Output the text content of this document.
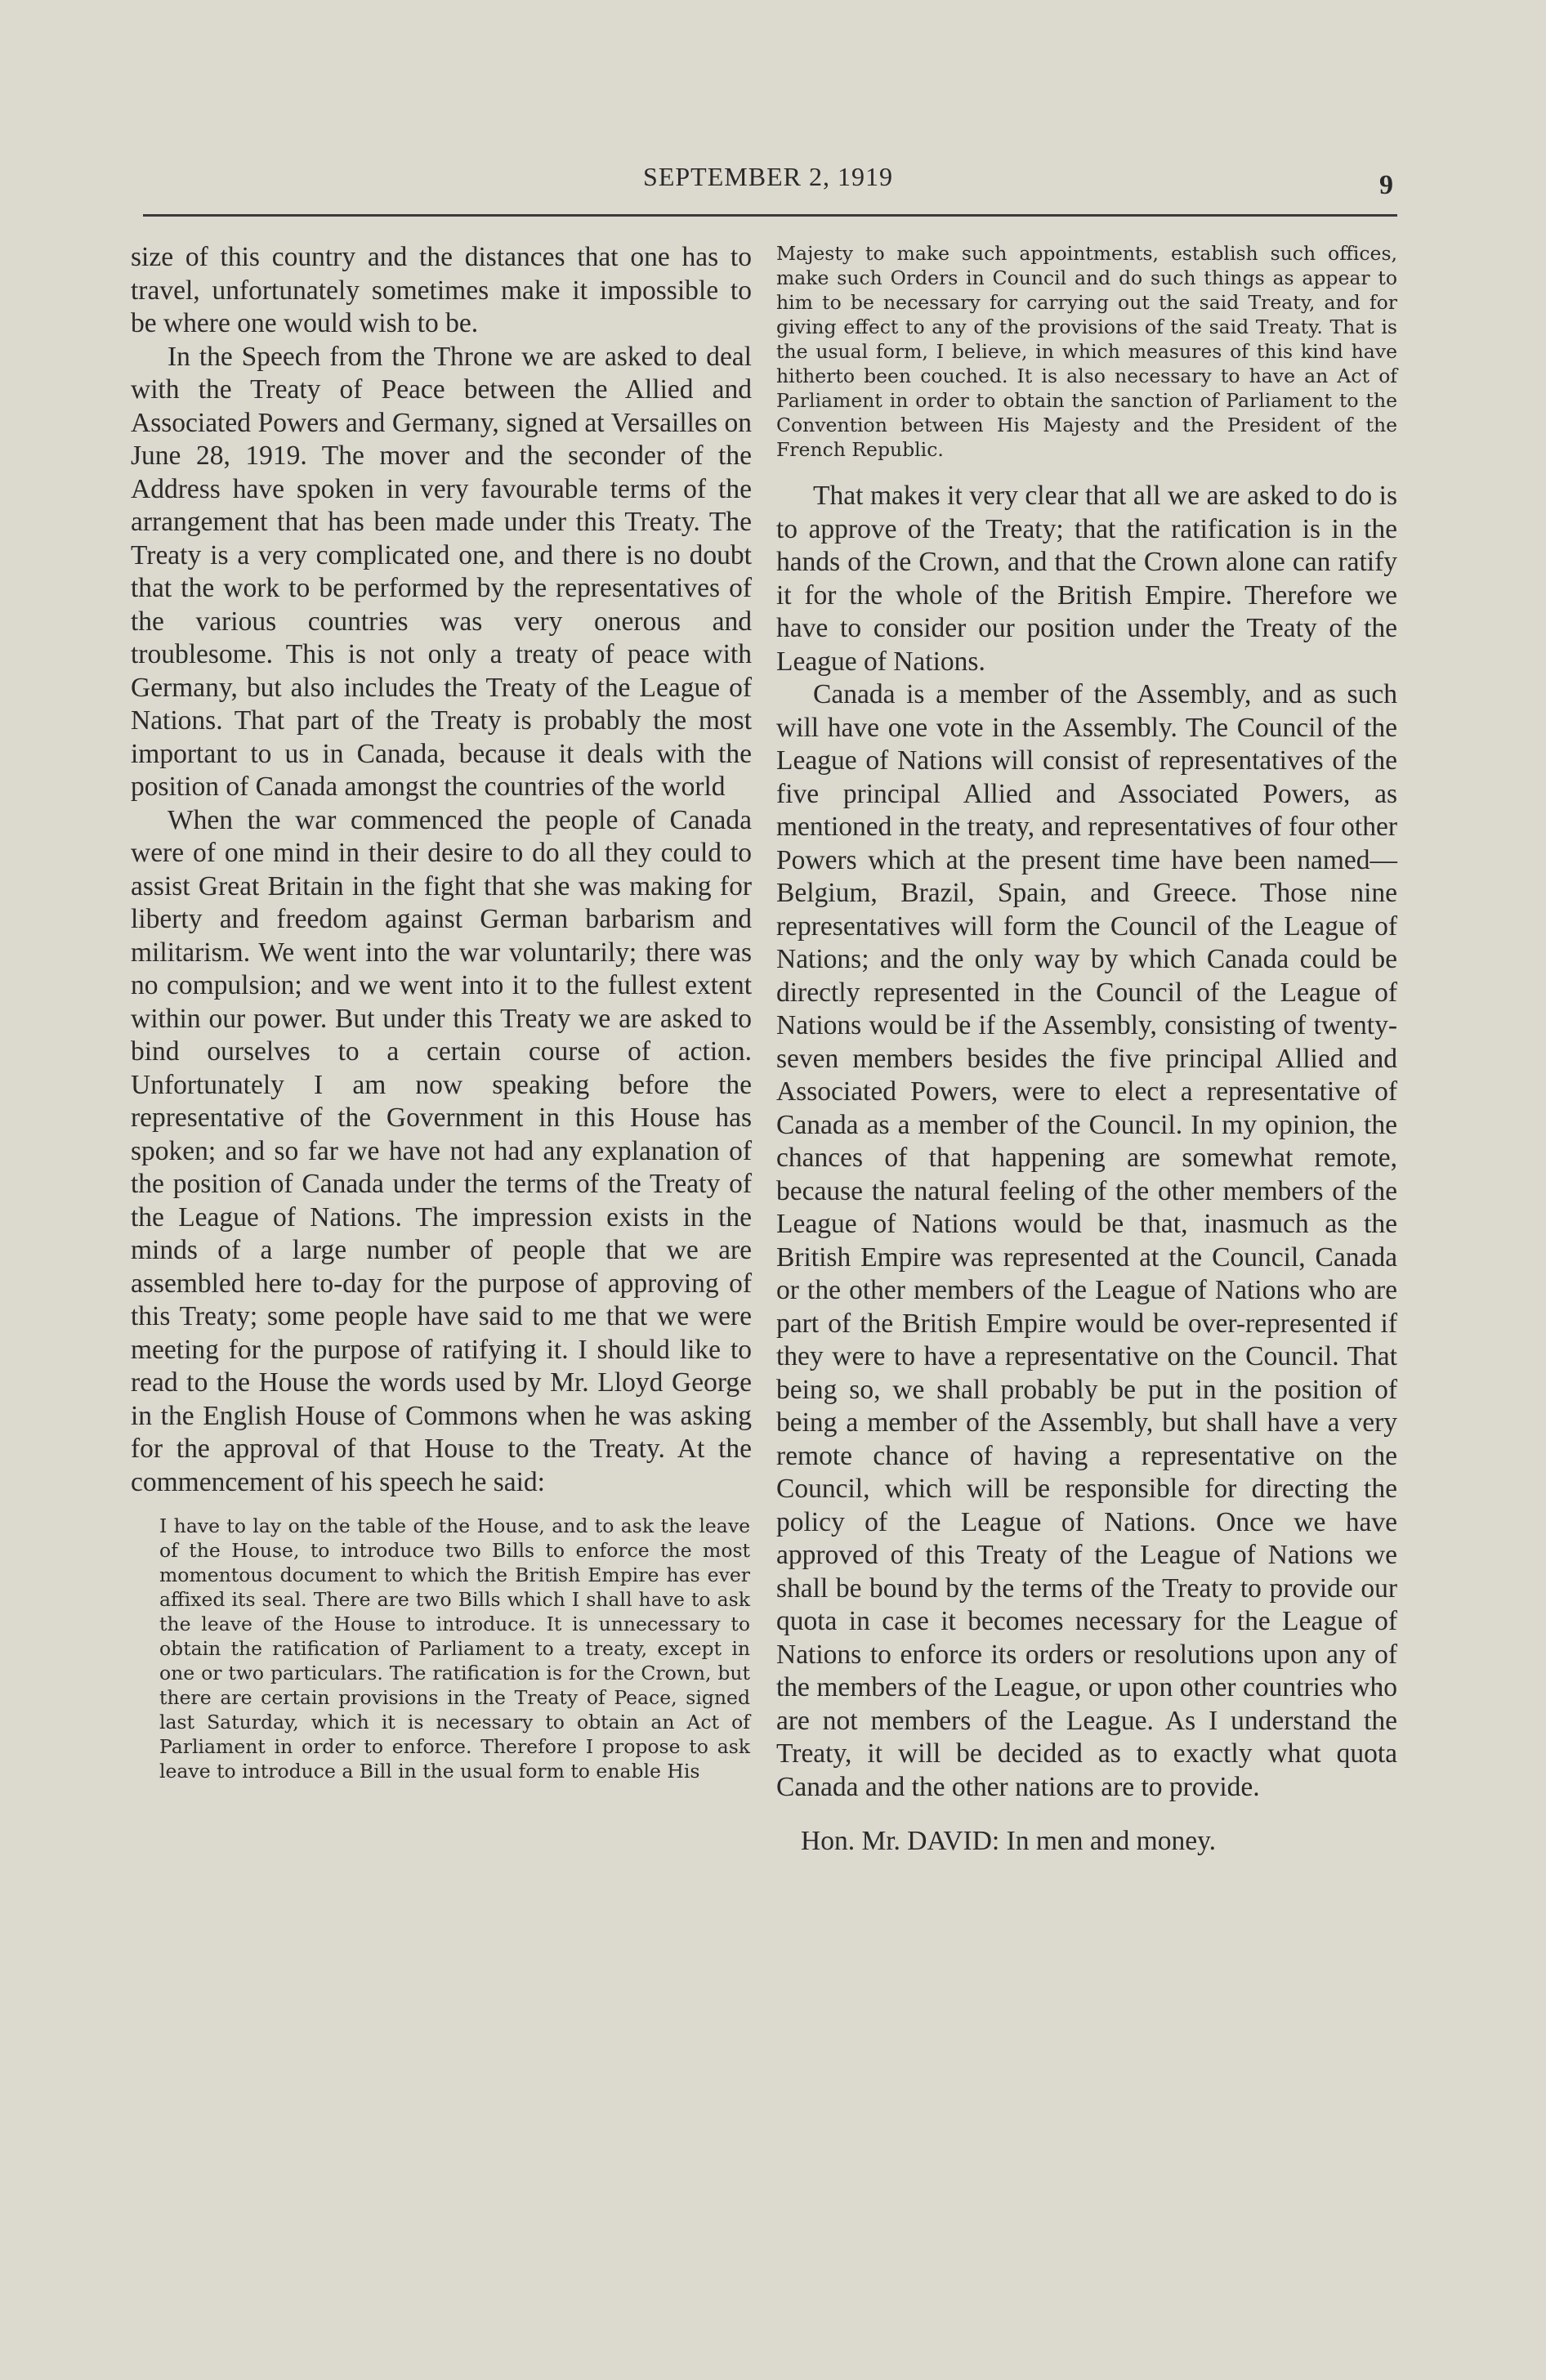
SEPTEMBER 2, 1919	9

size of this country and the distances that one has to travel, unfortunately sometimes make it impossible to be where one would wish to be.

In the Speech from the Throne we are asked to deal with the Treaty of Peace between the Allied and Associated Powers and Germany, signed at Versailles on June 28, 1919. The mover and the seconder of the Address have spoken in very favourable terms of the arrangement that has been made under this Treaty. The Treaty is a very complicated one, and there is no doubt that the work to be performed by the representatives of the various countries was very onerous and troublesome. This is not only a treaty of peace with Germany, but also includes the Treaty of the League of Nations. That part of the Treaty is probably the most important to us in Canada, because it deals with the position of Canada amongst the countries of the world

When the war commenced the people of Canada were of one mind in their desire to do all they could to assist Great Britain in the fight that she was making for liberty and freedom against German barbarism and militarism. We went into the war voluntarily; there was no compulsion; and we went into it to the fullest extent within our power. But under this Treaty we are asked to bind ourselves to a certain course of action. Unfortunately I am now speaking before the representative of the Government in this House has spoken; and so far we have not had any explanation of the position of Canada under the terms of the Treaty of the League of Nations. The impression exists in the minds of a large number of people that we are assembled here to-day for the purpose of approving of this Treaty; some people have said to me that we were meeting for the purpose of ratifying it. I should like to read to the House the words used by Mr. Lloyd George in the English House of Commons when he was asking for the approval of that House to the Treaty. At the commencement of his speech he said:

I have to lay on the table of the House, and to ask the leave of the House, to introduce two Bills to enforce the most momentous document to which the British Empire has ever affixed its seal. There are two Bills which I shall have to ask the leave of the House to introduce. It is unnecessary to obtain the ratification of Parliament to a treaty, except in one or two particulars. The ratification is for the Crown, but there are certain provisions in the Treaty of Peace, signed last Saturday, which it is necessary to obtain an Act of Parliament in order to enforce. Therefore I propose to ask leave to introduce a Bill in the usual form to enable His
Majesty to make such appointments, establish such offices, make such Orders in Council and do such things as appear to him to be necessary for carrying out the said Treaty, and for giving effect to any of the provisions of the said Treaty. That is the usual form, I believe, in which measures of this kind have hitherto been couched. It is also necessary to have an Act of Parliament in order to obtain the sanction of Parliament to the Convention between His Majesty and the President of the French Republic.

That makes it very clear that all we are asked to do is to approve of the Treaty; that the ratification is in the hands of the Crown, and that the Crown alone can ratify it for the whole of the British Empire. Therefore we have to consider our position under the Treaty of the League of Nations.

Canada is a member of the Assembly, and as such will have one vote in the Assembly. The Council of the League of Nations will consist of representatives of the five principal Allied and Associated Powers, as mentioned in the treaty, and representatives of four other Powers which at the present time have been named—Belgium, Brazil, Spain, and Greece. Those nine representatives will form the Council of the League of Nations; and the only way by which Canada could be directly represented in the Council of the League of Nations would be if the Assembly, consisting of twenty-seven members besides the five principal Allied and Associated Powers, were to elect a representative of Canada as a member of the Council. In my opinion, the chances of that happening are somewhat remote, because the natural feeling of the other members of the League of Nations would be that, inasmuch as the British Empire was represented at the Council, Canada or the other members of the League of Nations who are part of the British Empire would be over-represented if they were to have a representative on the Council. That being so, we shall probably be put in the position of being a member of the Assembly, but shall have a very remote chance of having a representative on the Council, which will be responsible for directing the policy of the League of Nations. Once we have approved of this Treaty of the League of Nations we shall be bound by the terms of the Treaty to provide our quota in case it becomes necessary for the League of Nations to enforce its orders or resolutions upon any of the members of the League, or upon other countries who are not members of the League. As I understand the Treaty, it will be decided as to exactly what quota Canada and the other nations are to provide.

Hon. Mr. DAVID: In men and money.
